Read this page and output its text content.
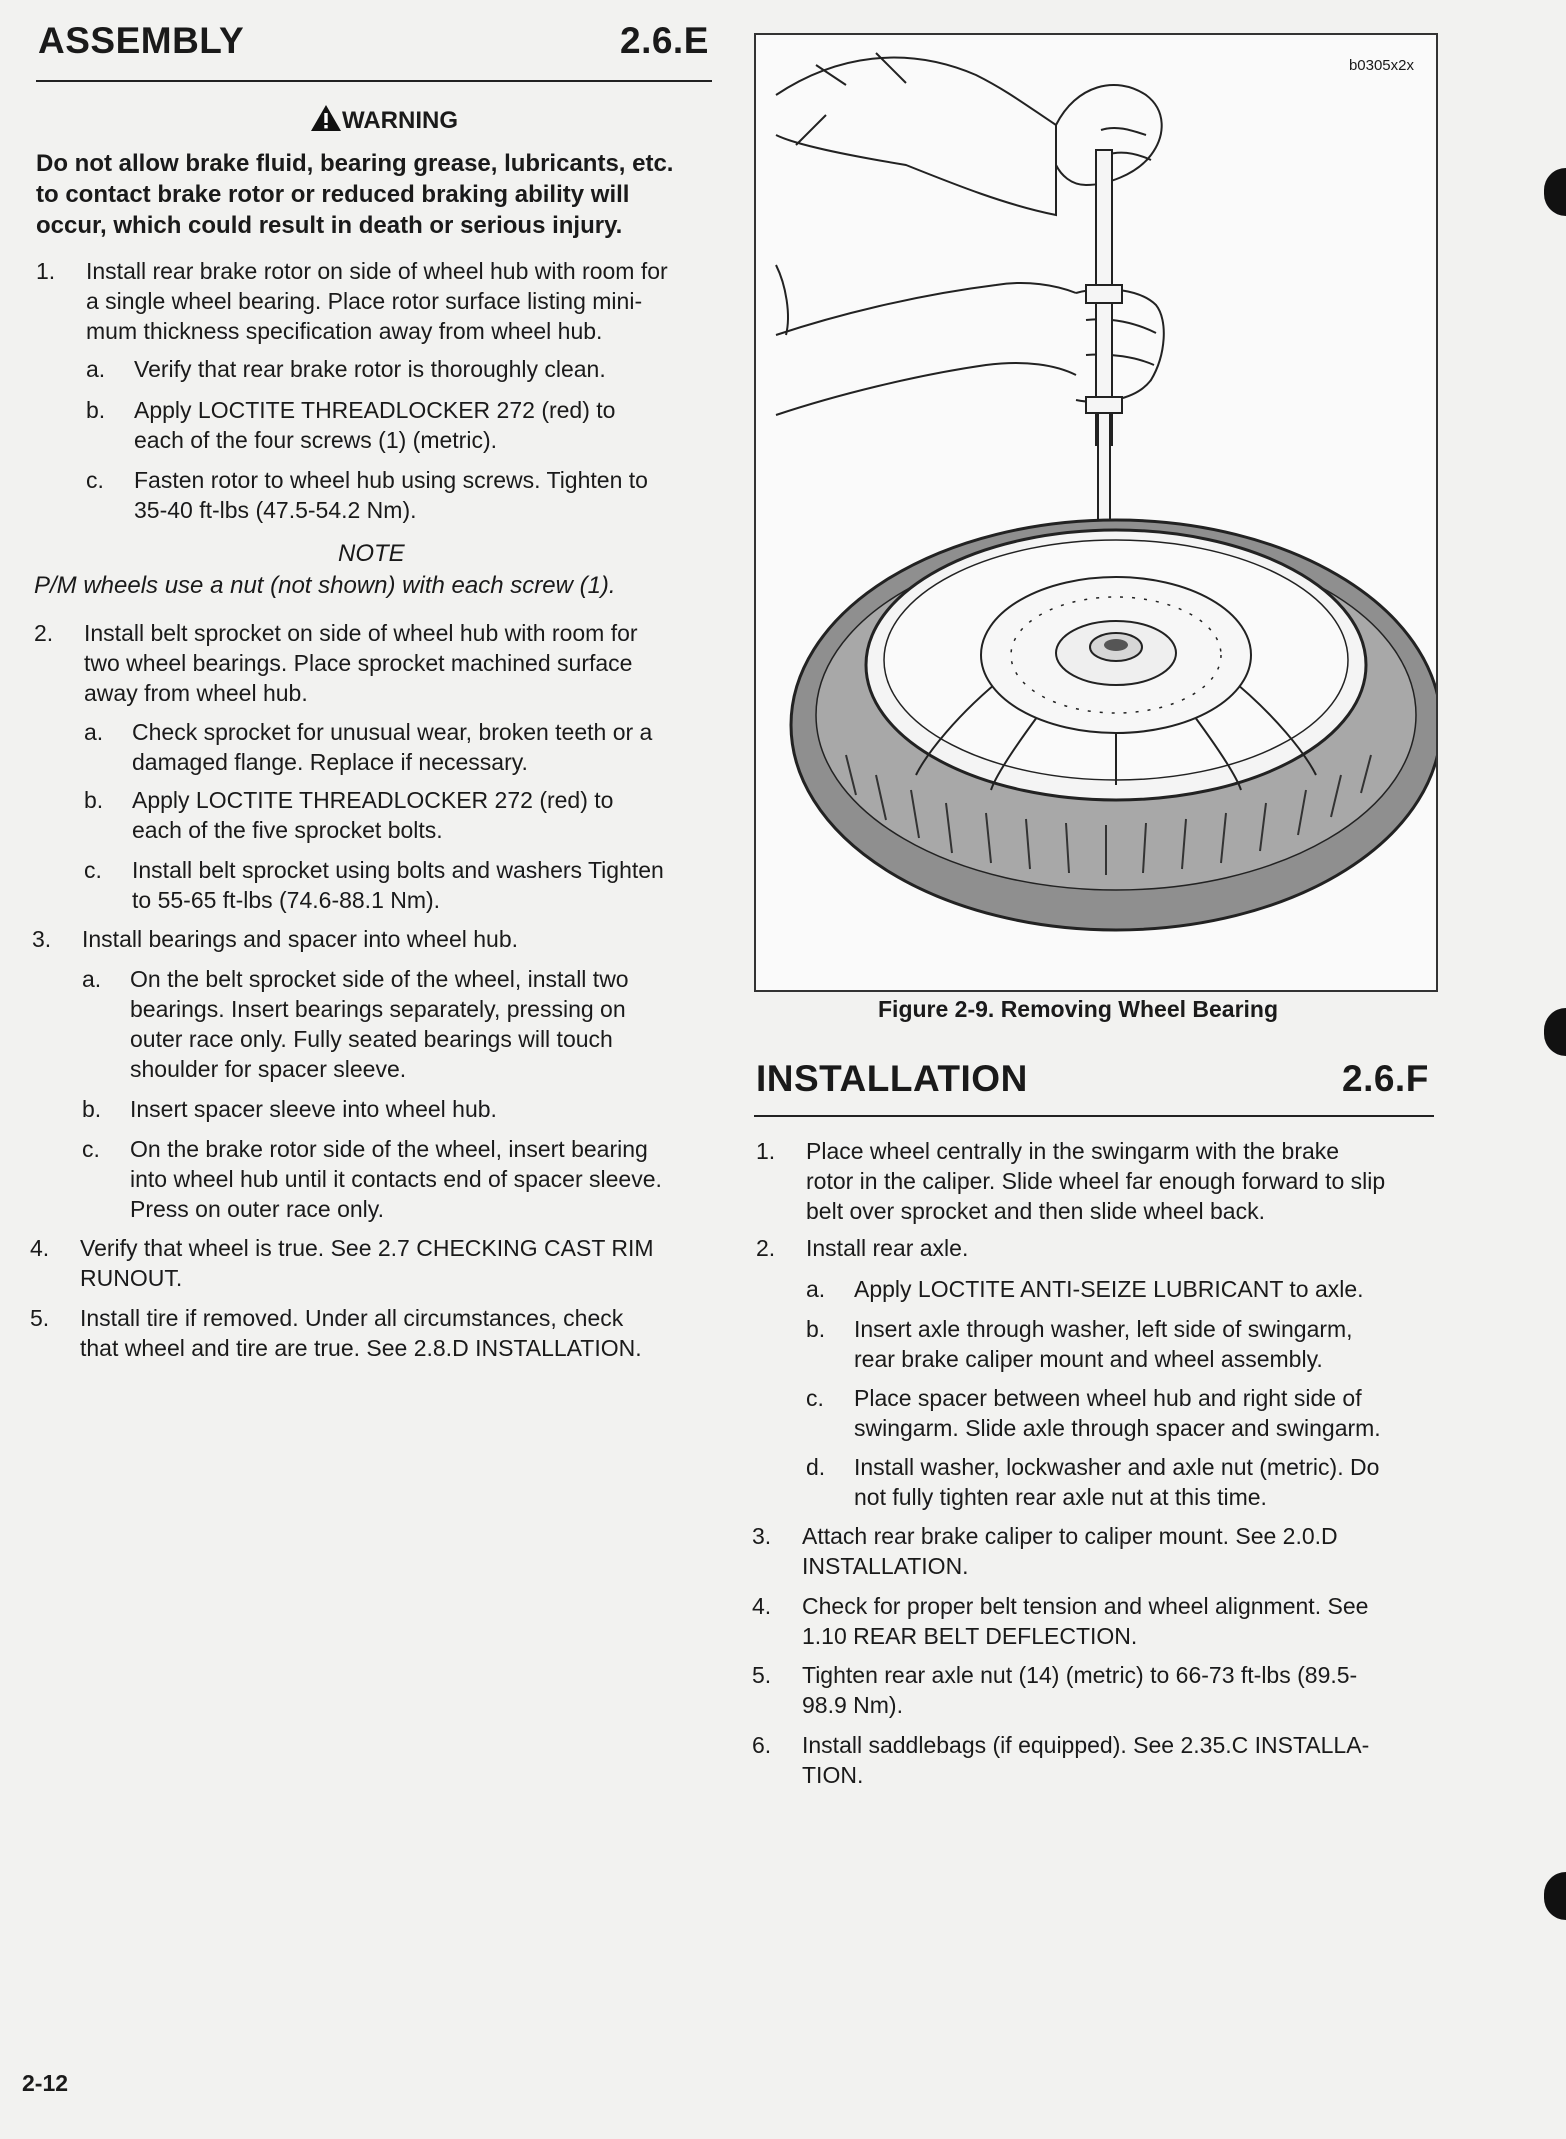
ASSEMBLY	2.6.E
WARNING
Do not allow brake fluid, bearing grease, lubricants, etc.
to contact brake rotor or reduced braking ability will
occur, which could result in death or serious injury.
1. Install rear brake rotor on side of wheel hub with room for
a single wheel bearing. Place rotor surface listing mini-
mum thickness specification away from wheel hub.
a. Verify that rear brake rotor is thoroughly clean.
b. Apply LOCTITE THREADLOCKER 272 (red) to
each of the four screws (1) (metric).
c. Fasten rotor to wheel hub using screws. Tighten to
35-40 ft-lbs (47.5-54.2 Nm).
NOTE
P/M wheels use a nut (not shown) with each screw (1).
2. Install belt sprocket on side of wheel hub with room for
two wheel bearings. Place sprocket machined surface
away from wheel hub.
a. Check sprocket for unusual wear, broken teeth or a
damaged flange. Replace if necessary.
b. Apply LOCTITE THREADLOCKER 272 (red) to
each of the five sprocket bolts.
c. Install belt sprocket using bolts and washers Tighten
to 55-65 ft-lbs (74.6-88.1 Nm).
3. Install bearings and spacer into wheel hub.
a. On the belt sprocket side of the wheel, install two
bearings. Insert bearings separately, pressing on
outer race only. Fully seated bearings will touch
shoulder for spacer sleeve.
b. Insert spacer sleeve into wheel hub.
c. On the brake rotor side of the wheel, insert bearing
into wheel hub until it contacts end of spacer sleeve.
Press on outer race only.
4. Verify that wheel is true. See 2.7 CHECKING CAST RIM
RUNOUT.
5. Install tire if removed. Under all circumstances, check
that wheel and tire are true. See 2.8.D INSTALLATION.
b0305x2x
Figure 2-9. Removing Wheel Bearing
INSTALLATION	2.6.F
1. Place wheel centrally in the swingarm with the brake
rotor in the caliper. Slide wheel far enough forward to slip
belt over sprocket and then slide wheel back.
2. Install rear axle.
a. Apply LOCTITE ANTI-SEIZE LUBRICANT to axle.
b. Insert axle through washer, left side of swingarm,
rear brake caliper mount and wheel assembly.
c. Place spacer between wheel hub and right side of
swingarm. Slide axle through spacer and swingarm.
d. Install washer, lockwasher and axle nut (metric). Do
not fully tighten rear axle nut at this time.
3. Attach rear brake caliper to caliper mount. See 2.0.D
INSTALLATION.
4. Check for proper belt tension and wheel alignment. See
1.10 REAR BELT DEFLECTION.
5. Tighten rear axle nut (14) (metric) to 66-73 ft-lbs (89.5-
98.9 Nm).
6. Install saddlebags (if equipped). See 2.35.C INSTALLA-
TION.
2-12
